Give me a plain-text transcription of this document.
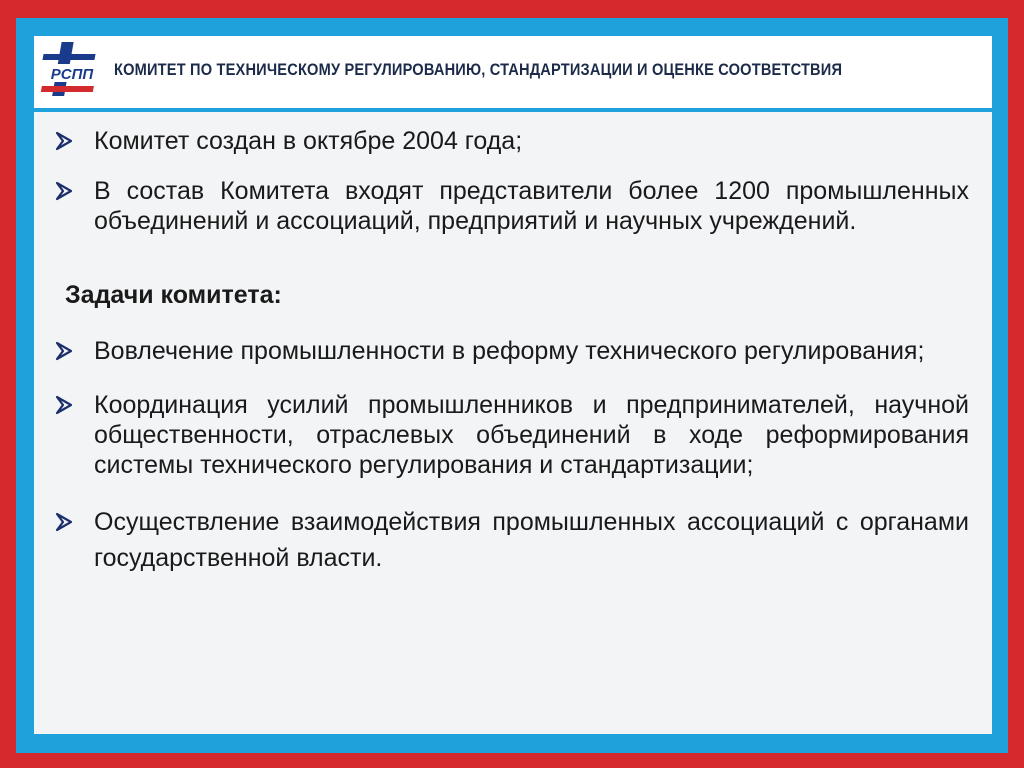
РСПП КОМИТЕТ ПО ТЕХНИЧЕСКОМУ РЕГУЛИРОВАНИЮ, СТАНДАРТИЗАЦИИ И ОЦЕНКЕ СООТВЕТСТВИЯ
Комитет создан в октябре 2004 года;
В состав Комитета входят представители более 1200 промышленных объединений и ассоциаций, предприятий и научных учреждений.
Задачи комитета:
Вовлечение промышленности в реформу технического регулирования;
Координация усилий промышленников и предпринимателей, научной общественности, отраслевых объединений в ходе реформирования системы технического регулирования и стандартизации;
Осуществление взаимодействия промышленных ассоциаций с органами государственной власти.
